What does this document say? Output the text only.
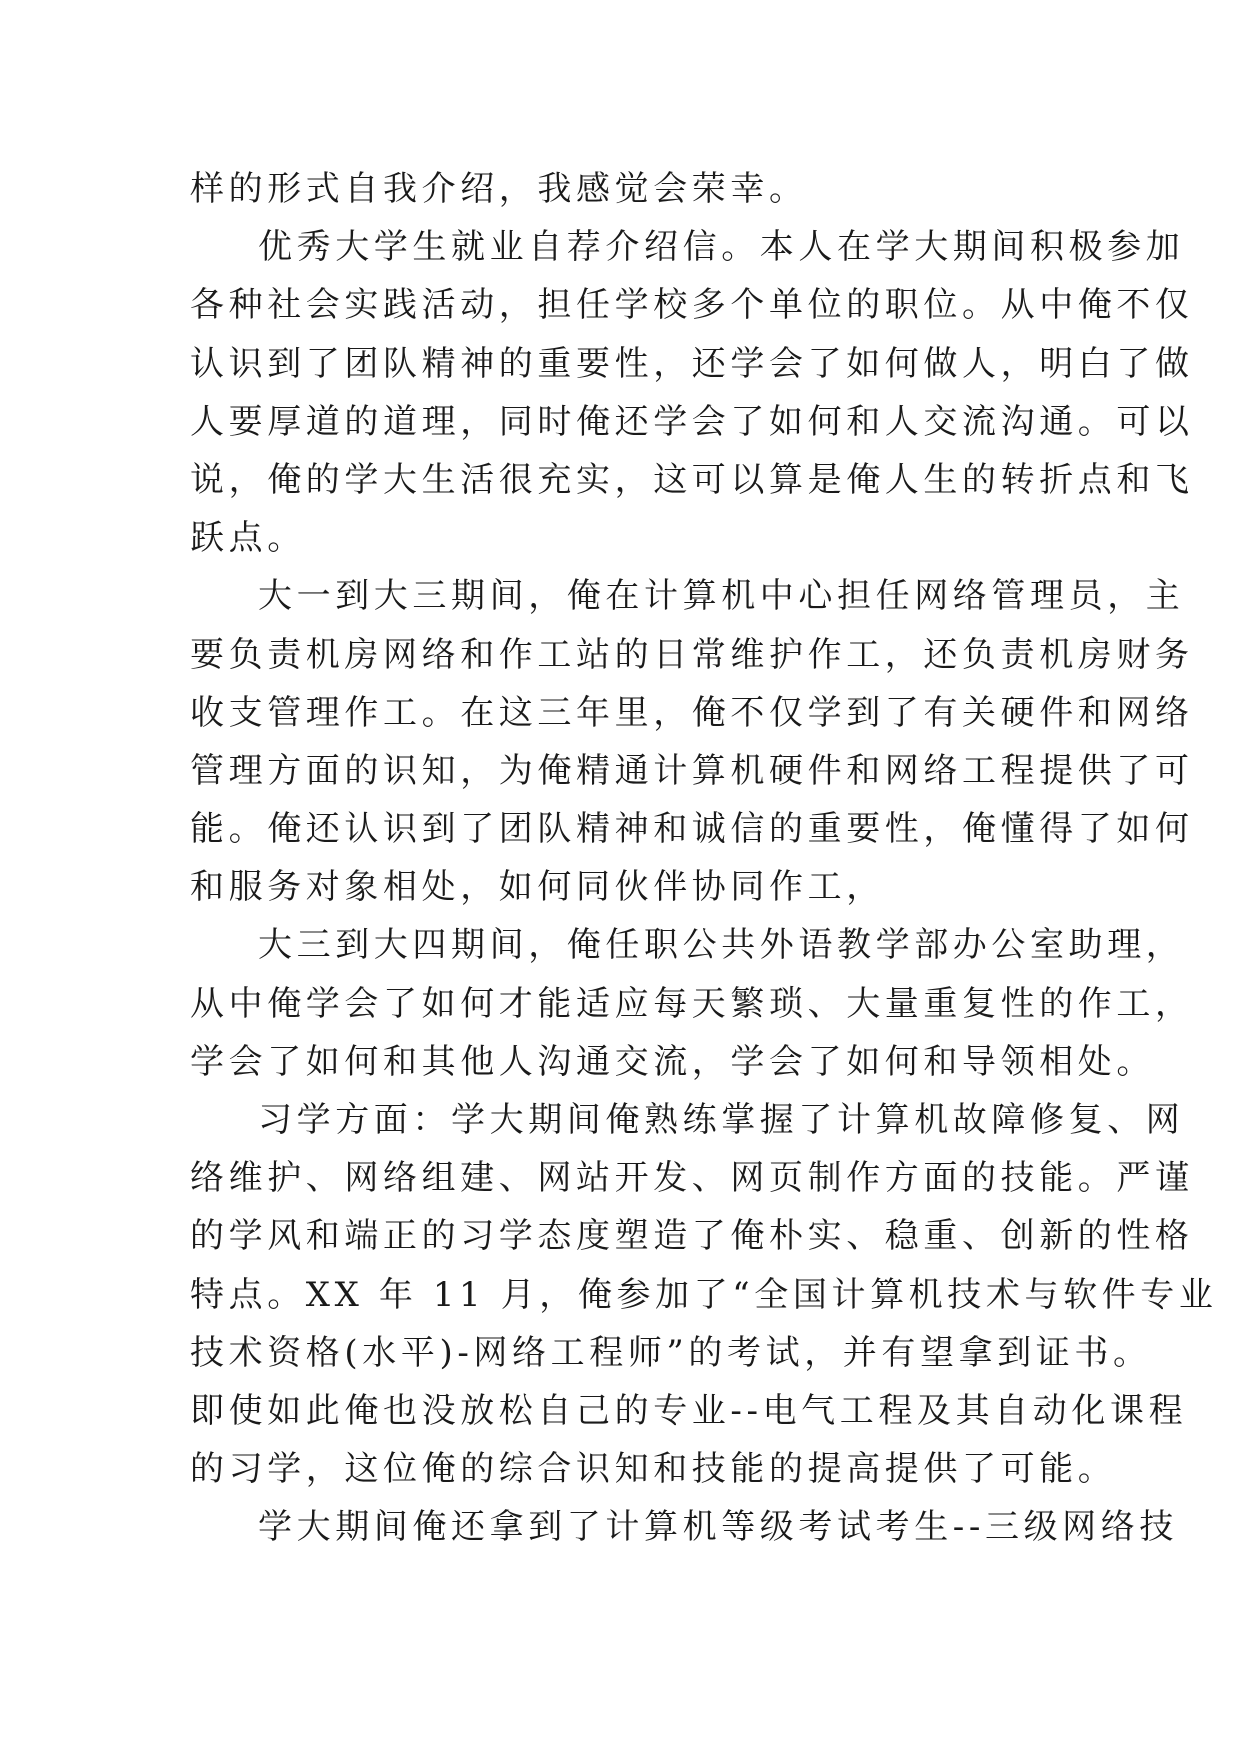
样的形式自我介绍，我感觉会荣幸。
优秀大学生就业自荐介绍信。本人在学大期间积极参加
各种社会实践活动，担任学校多个单位的职位。从中俺不仅
认识到了团队精神的重要性，还学会了如何做人，明白了做
人要厚道的道理，同时俺还学会了如何和人交流沟通。可以
说，俺的学大生活很充实，这可以算是俺人生的转折点和飞
跃点。
大一到大三期间，俺在计算机中心担任网络管理员，主
要负责机房网络和作工站的日常维护作工，还负责机房财务
收支管理作工。在这三年里，俺不仅学到了有关硬件和网络
管理方面的识知，为俺精通计算机硬件和网络工程提供了可
能。俺还认识到了团队精神和诚信的重要性，俺懂得了如何
和服务对象相处，如何同伙伴协同作工，
大三到大四期间，俺任职公共外语教学部办公室助理，
从中俺学会了如何才能适应每天繁琐、大量重复性的作工，
学会了如何和其他人沟通交流，学会了如何和导领相处。
习学方面：学大期间俺熟练掌握了计算机故障修复、网
络维护、网络组建、网站开发、网页制作方面的技能。严谨
的学风和端正的习学态度塑造了俺朴实、稳重、创新的性格
特点。XX 年 11 月，俺参加了“全国计算机技术与软件专业
技术资格(水平)-网络工程师”的考试，并有望拿到证书。
即使如此俺也没放松自己的专业--电气工程及其自动化课程
的习学，这位俺的综合识知和技能的提高提供了可能。
学大期间俺还拿到了计算机等级考试考生--三级网络技
